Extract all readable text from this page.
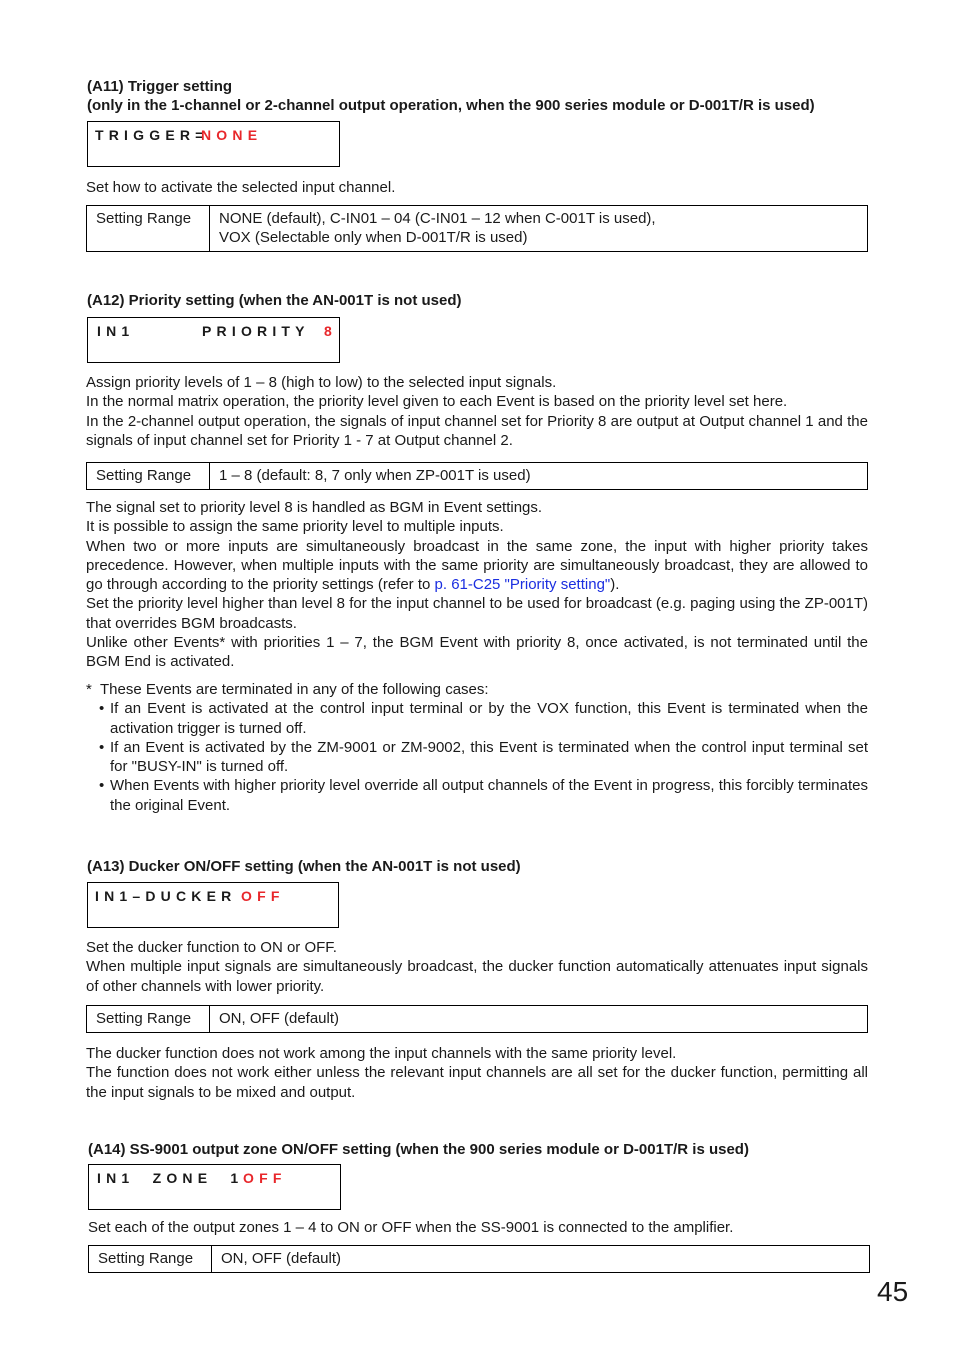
(A11) Trigger setting
(only in the 1-channel or 2-channel output operation, when the 900 series module or D-001T/R is used)
TRIGGER=
NONE
Set how to activate the selected input channel.
Setting Range	NONE (default), C-IN01 – 04 (C-IN01 – 12 when C-001T is used),
VOX (Selectable only when D-001T/R is used)
(A12) Priority setting (when the AN-001T is not used)
IN1	PRIORITY 8

Assign priority levels of 1 – 8 (high to low) to the selected input signals.

In the normal matrix operation, the priority level given to each Event is based on the priority level set here.

In the 2-channel output operation, the signals of input channel set for Priority 8 are output at Output channel 1 and the signals of input channel set for Priority 1 - 7 at Output channel 2.

Setting Range	1 – 8 (default: 8, 7 only when ZP-001T is used)

The signal set to priority level 8 is handled as BGM in Event settings.

It is possible to assign the same priority level to multiple inputs.

When two or more inputs are simultaneously broadcast in the same zone, the input with higher priority takes precedence. However, when multiple inputs with the same priority are simultaneously broadcast, they are allowed to go through according to the priority settings (refer to p. 61-C25 "Priority setting").

Set the priority level higher than level 8 for the input channel to be used for broadcast (e.g. paging using the ZP-001T) that overrides BGM broadcasts.

Unlike other Events* with priorities 1 – 7, the BGM Event with priority 8, once activated, is not terminated until the BGM End is activated.

* These Events are terminated in any of the following cases:
• If an Event is activated at the control input terminal or by the VOX function, this Event is terminated when the activation trigger is turned off.
• If an Event is activated by the ZM-9001 or ZM-9002, this Event is terminated when the control input terminal set for "BUSY-IN" is turned off.
• When Events with higher priority level override all output channels of the Event in progress, this forcibly terminates the original Event.
(A13) Ducker ON/OFF setting (when the AN-001T is not used)
IN1–DUCKER OFF

Set the ducker function to ON or OFF.

When multiple input signals are simultaneously broadcast, the ducker function automatically attenuates input signals of other channels with lower priority.

Setting Range	ON, OFF (default)

The ducker function does not work among the input channels with the same priority level.

The function does not work either unless the relevant input channels are all set for the ducker function, permitting all the input signals to be mixed and output.

(A14) SS-9001 output zone ON/OFF setting (when the 900 series module or D-001T/R is used)
IN1  ZONE  1 OFF
Set each of the output zones 1 – 4 to ON or OFF when the SS-9001 is connected to the amplifier.
Setting Range	ON, OFF (default)
45
